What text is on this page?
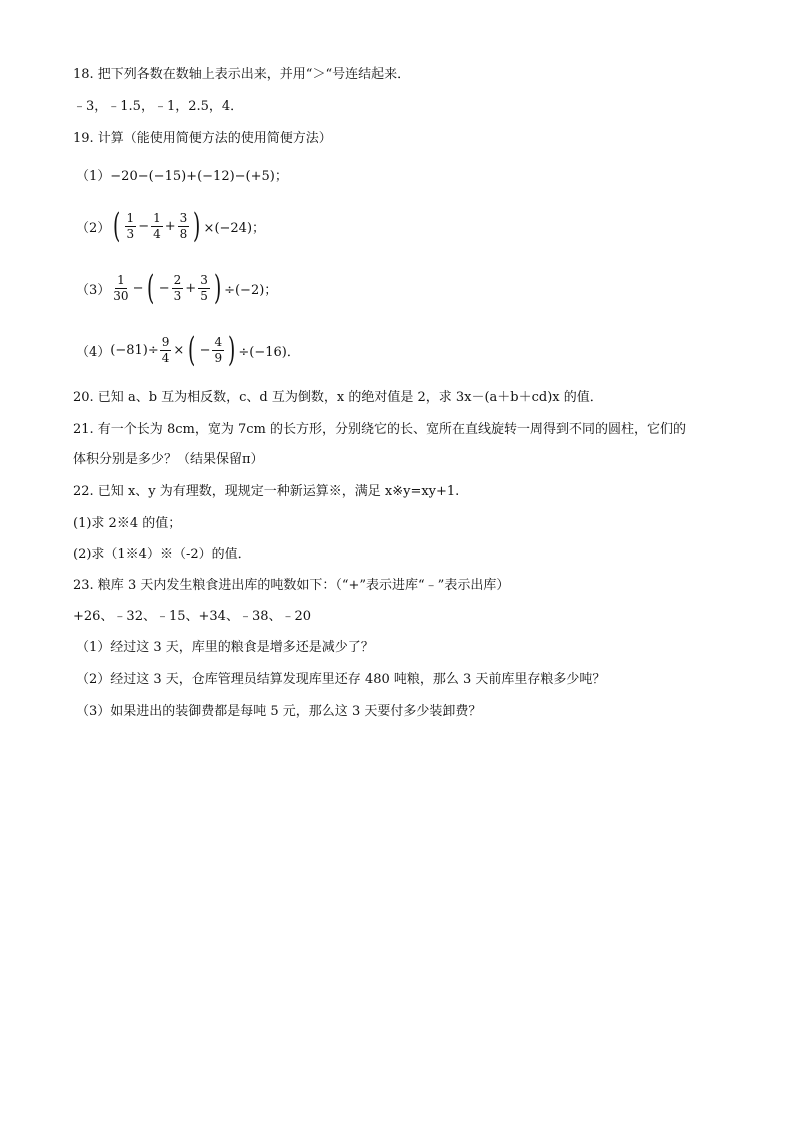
18. 把下列各数在数轴上表示出来，并用“＞“号连结起来．
﹣3，﹣1.5，﹣1，2.5，4．
19. 计算（能使用简便方法的使用简便方法）
（1） −20−(−15)+(−12)−(+5)；
（2） ( $\frac{1}{3} - \frac{1}{4} + \frac{3}{8}$ ) ×(−24)；
$(3) \frac{1}{30}$ − ( − $\frac{2}{3} + \frac{3}{5}$ ) ÷(−2)；
（4） $(-81)\div \frac{9}{4}$ × ( − $\frac{4}{9}$ ) ÷(−16)．
20. 已知 a、b 互为相反数，c、d 互为倒数，x 的绝对值是 2，求 3x－(a＋b＋cd)x 的值．
21. 有一个长为 8cm，宽为 7cm 的长方形，分别绕它的长、宽所在直线旋转一周得到不同的圆柱，它们的
体积分别是多少？（结果保留π）
22. 已知 x、y 为有理数，现规定一种新运算※，满足 x※y=xy+1.
(1)求 2※4 的值；
(2)求（1※4）※（-2）的值．
23. 粮库 3 天内发生粮食进出库的吨数如下：（“+”表示进库“﹣”表示出库）
+26、﹣32、﹣15、+34、﹣38、﹣20
（1）经过这 3 天，库里的粮食是增多还是减少了？
（2）经过这 3 天，仓库管理员结算发现库里还存 480 吨粮，那么 3 天前库里存粮多少吨？
（3）如果进出的装御费都是每吨 5 元，那么这 3 天要付多少装卸费？
